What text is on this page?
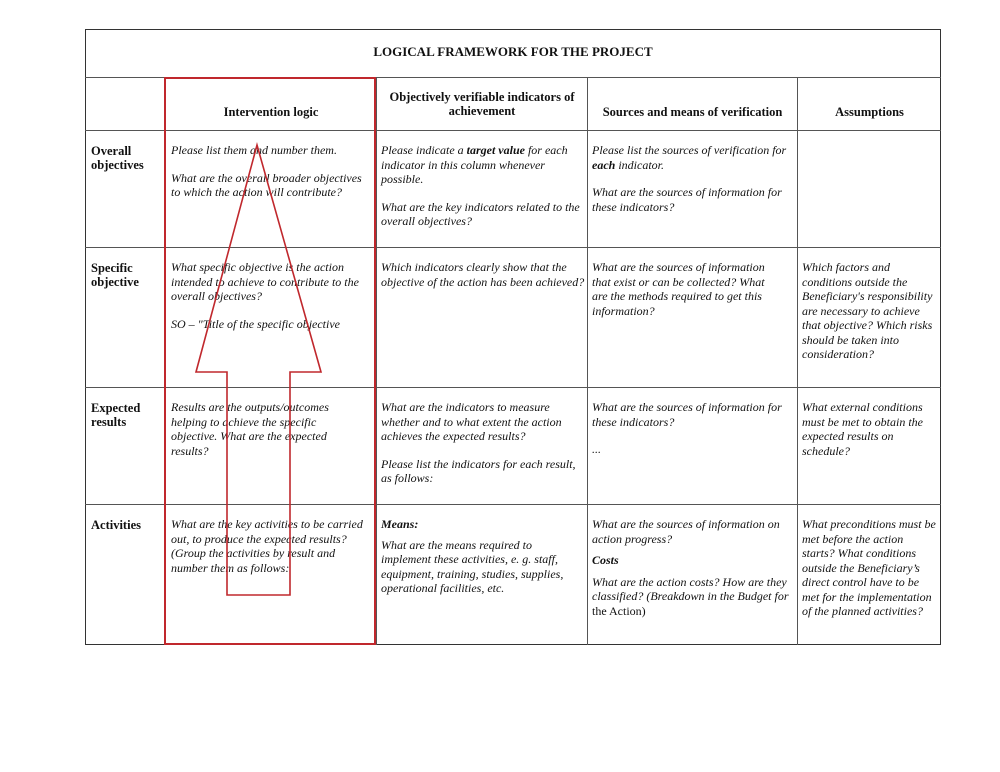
LOGICAL FRAMEWORK FOR THE PROJECT
Intervention logic
Objectively verifiable indicators of achievement	Sources and means of verification	Assumptions
Overall objectives
Specific objective
Expected results
Activities

Please list them and number them.

What are the overall broader objectives to which the action will contribute?

Please indicate a target value for each indicator in this column whenever possible.

What are the key indicators related to the overall objectives?

Please list the sources of verification for each indicator.

What are the sources of information for these indicators?

What specific objective is the action intended to achieve to contribute to the overall objectives?

SO – "Title of the specific objective

Which indicators clearly show that the objective of the action has been achieved?

What are the sources of information that exist or can be collected? What are the methods required to get this information?

Which factors and conditions outside the Beneficiary's responsibility are necessary to achieve that objective? Which risks should be taken into consideration?

Results are the outputs/outcomes helping to achieve the specific objective. What are the expected results?

What are the indicators to measure whether and to what extent the action achieves the expected results?

Please list the indicators for each result, as follows:

What are the sources of information for these indicators?

...

What external conditions must be met to obtain the expected results on schedule?

What are the key activities to be carried out, to produce the expected results? (Group the activities by result and number them as follows:

Means:

What are the means required to implement these activities, e. g. staff, equipment, training, studies, supplies, operational facilities, etc.

What are the sources of information on action progress?

Costs

What are the action costs? How are they classified? (Breakdown in the Budget for the Action)

What preconditions must be met before the action starts? What conditions outside the Beneficiary’s direct control have to be met for the implementation of the planned activities?
